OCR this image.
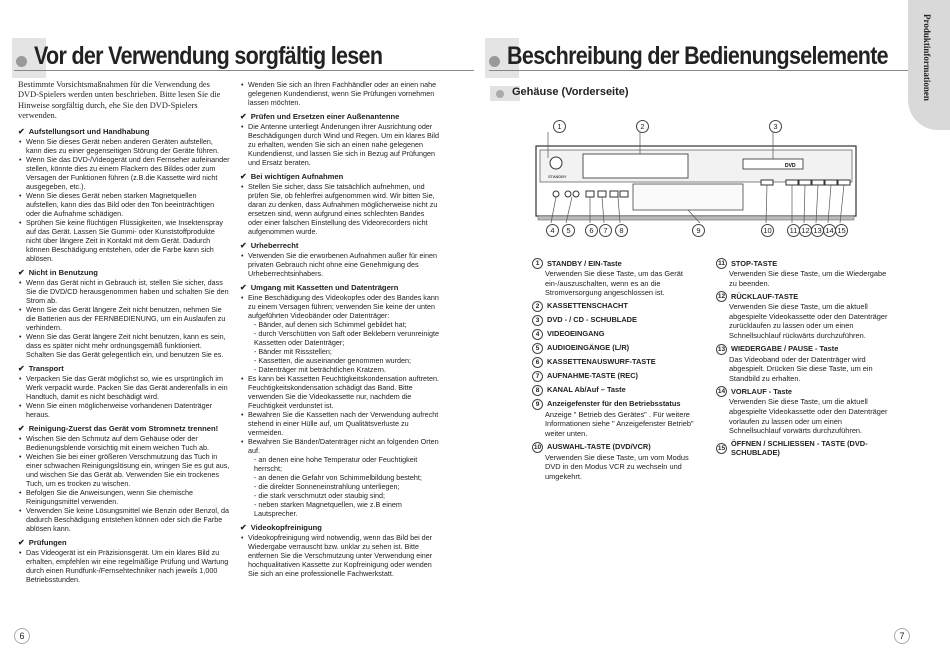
Vor der Verwendung sorgfältig lesen
Bestimmte Vorsichtsmaßnahmen für die Verwendung des DVD-Spielers werden unten beschrieben. Bitte lesen Sie die Hinweise sorgfältig durch, ehe Sie den DVD-Spielers verwenden.
✔ Aufstellungsort und Handhabung
• Wenn Sie dieses Gerät neben anderen Geräten aufstellen, kann dies zu einer gegenseitigen Störung der Geräte führen.
• Wenn Sie das DVD-/Videogerät und den Fernseher aufeinander stellen, könnte dies zu einem Flackern des Bildes oder zum Versagen der Funktionen führen (z.B.die Kassette wird nicht ausgegeben, etc.).
• Wenn Sie dieses Gerät neben starken Magnetquellen aufstellen, kann dies das Bild oder den Ton beeinträchtigen oder die Aufnahme schädigen.
• Sprühen Sie keine flüchtigen Flüssigkeiten, wie Insektenspray auf das Gerät. Lassen Sie Gummi- oder Kunststoffprodukte nicht über längere Zeit in Kontakt mit dem Gerät. Dadurch können Beschädigung entstehen, oder die Farbe kann sich ablösen.
✔ Nicht in Benutzung
• Wenn das Gerät nicht in Gebrauch ist, stellen Sie sicher, dass Sie die DVD/CD herausgenommen haben und schalten Sie den Strom ab.
• Wenn Sie das Gerät längere Zeit nicht benutzen, nehmen Sie die Batterien aus der FERNBEDIENUNG, um ein Auslaufen zu verhindern.
• Wenn Sie das Gerät längere Zeit nicht benutzen, kann es sein, dass es später nicht mehr ordnungsgemäß funktioniert. Schalten Sie das Gerät gelegentlich ein, und benutzen Sie es.
✔ Transport
• Verpacken Sie das Gerät möglichst so, wie es ursprünglich im Werk verpackt wurde. Packen Sie das Gerät anderenfalls in ein Handtuch, damit es nicht beschädigt wird.
• Wenn Sie einen möglicherweise vorhandenen Datenträger heraus.
✔ Reinigung-Zuerst das Gerät vom Stromnetz trennen!
• Wischen Sie den Schmutz auf dem Gehäuse oder der Bedienungsblende vorsichtig mit einem weichen Tuch ab.
• Weichen Sie bei einer größeren Verschmutzung das Tuch in einer schwachen Reinigungslösung ein, wringen Sie es gut aus, und wischen Sie das Gerät ab. Verwenden Sie ein trockenes Tuch, um es trocken zu wischen.
• Befolgen Sie die Anweisungen, wenn Sie chemische Reinigungsmittel verwenden.
• Verwenden Sie keine Lösungsmittel wie Benzin oder Benzol, da dadurch Beschädigung entstehen können oder sich die Farbe ablösen kann.
✔ Prüfungen
• Das Videogerät ist ein Präzisionsgerät. Um ein klares Bild zu erhalten, empfehlen wir eine regelmäßige Prüfung und Wartung durch einen Rundfunk-/Fernsehtechniker nach jeweils 1,000 Betriebsstunden.
• Wenden Sie sich an Ihren Fachhändler oder an einen nahe gelegenen Kundendienst, wenn Sie Prüfungen vornehmen lassen möchten.
✔ Prüfen und Ersetzen einer Außenantenne
• Die Antenne unterliegt Änderungen ihrer Ausrichtung oder Beschädigungen durch Wind und Regen. Um ein klares Bild zu erhalten, wenden Sie sich an einen nahe gelegenen Kundendienst, und lassen Sie sich in Bezug auf Prüfungen und Ersatz beraten.
✔ Bei wichtigen Aufnahmen
• Stellen Sie sicher, dass Sie tatsächlich aufnehmen, und prüfen Sie, ob fehlerfrei aufgenommen wird. Wir bitten Sie, daran zu denken, dass Aufnahmen möglicherweise nicht zu ersetzen sind, wenn aufgrund eines schlechten Bandes oder einer falschen Einstellung des Videorecorders nicht aufgenommen wurde.
✔ Urheberrecht
• Verwenden Sie die erworbenen Aufnahmen außer für einen privaten Gebrauch nicht ohne eine Genehmigung des Urheberrechtsinhabers.
✔ Umgang mit Kassetten und Datenträgern
• Eine Beschädigung des Videokopfes oder des Bandes kann zu einem Versagen führen; verwenden Sie keine der unten aufgeführten Videobänder oder Datenträger:
- Bänder, auf denen sich Schimmel gebildet hat;
- durch Verschütten von Saft oder Beklebern verunreinigte Kassetten oder Datenträger;
- Bänder mit Rissstellen;
- Kassetten, die auseinander genommen wurden;
- Datenträger mit beträchtlichen Kratzern.
• Es kann bei Kassetten Feuchtigkeitskondensation auftreten. Feuchtigkeitskondensation schädigt das Band. Bitte verwenden Sie die Videokassette nur, nachdem die Feuchtigkeit verdunstet ist.
• Bewahren Sie die Kassetten nach der Verwendung aufrecht stehend in einer Hülle auf, um Qualitätsverluste zu vermeiden.
• Bewahren Sie Bänder/Datenträger nicht an folgenden Orten auf.
- an denen eine hohe Temperatur oder Feuchtigkeit herrscht;
- an denen die Gefahr von Schimmelbildung besteht;
- die direkter Sonneneinstrahlung unterliegen;
- die stark verschmutzt oder staubig sind;
- neben starken Magnetquellen, wie z.B einem Lautsprecher.
✔ Videokopfreinigung
• Videokopfreinigung wird notwendig, wenn das Bild bei der Wiedergabe verrauscht bzw. unklar zu sehen ist. Bitte entfernen Sie die Verschmutzung unter Verwendung einer hochqualitativen Kassette zur Kopfreinigung oder wenden Sie sich an eine professionelle Fachwerkstatt.
6
Beschreibung der Bedienungselemente	Produktinformationen
Gehäuse (Vorderseite)
STANDBY
DVD
1	2	3
4	5	6	7	8	9	10	11 12 13 14 15
1	STANDBY / EIN-Taste
Verwenden Sie diese Taste, um das Gerät ein-/auszuschalten, wenn es an die Stromversorgung angeschlossen ist.
2	KASSETTENSCHACHT
3	DVD - / CD - SCHUBLADE
4	VIDEOEINGANG
5	AUDIOEINGÄNGE (L/R)
6	KASSETTENAUSWURF-TASTE
7	AUFNAHME-TASTE (REC)
8	KANAL Ab/Auf – Taste
9	Anzeigefenster für den Betriebsstatus
Anzeige " Betrieb des Gerätes" . Für weitere Informationen siehe " Anzeigefenster Betrieb" weiter unten.
10 AUSWAHL-TASTE (DVD/VCR)
Verwenden Sie diese Taste, um vom Modus DVD in den Modus VCR zu wechseln und umgekehrt.
11 STOP-TASTE
Verwenden Sie diese Taste, um die Wiedergabe zu beenden.
12 RÜCKLAUF-TASTE
Verwenden Sie diese Taste, um die aktuell abgespielte Videokassette oder den Datenträger zurücklaufen zu lassen oder um einen Schnellsuchlauf rückwärts durchzuführen.
13 WIEDERGABE / PAUSE - Taste
Das Videoband oder der Datenträger wird abgespielt. Drücken Sie diese Taste, um ein Standbild zu erhalten.
14 VORLAUF - Taste
Verwenden Sie diese Taste, um die aktuell abgespielte Videokassette oder den Datenträger vorlaufen zu lassen oder um einen Schnellsuchlauf vorwärts durchzuführen.
15
ÖFFNEN / SCHLIESSEN - TASTE (DVD-SCHUBLADE)
7
